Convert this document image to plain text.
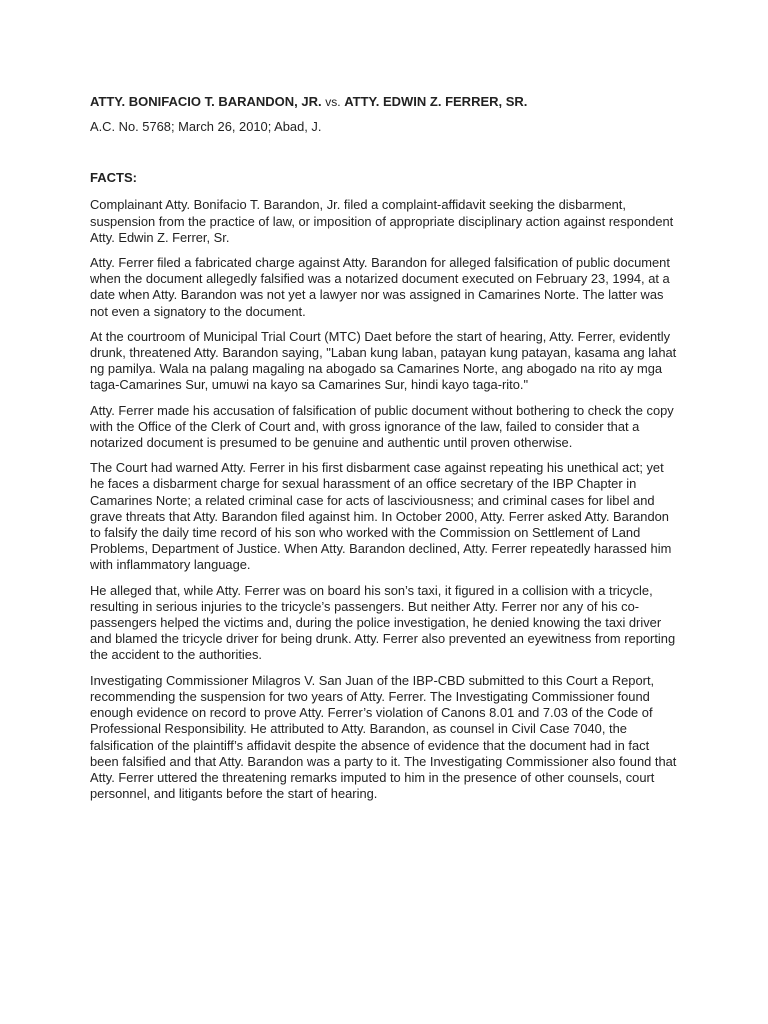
ATTY. BONIFACIO T. BARANDON, JR. vs. ATTY. EDWIN Z. FERRER, SR.

A.C. No. 5768; March 26, 2010; Abad, J.

FACTS:

Complainant Atty. Bonifacio T. Barandon, Jr. filed a complaint-affidavit seeking the disbarment, suspension from the practice of law, or imposition of appropriate disciplinary action against respondent Atty. Edwin Z. Ferrer, Sr.

Atty. Ferrer filed a fabricated charge against Atty. Barandon for alleged falsification of public document when the document allegedly falsified was a notarized document executed on February 23, 1994, at a date when Atty. Barandon was not yet a lawyer nor was assigned in Camarines Norte. The latter was not even a signatory to the document.

At the courtroom of Municipal Trial Court (MTC) Daet before the start of hearing, Atty. Ferrer, evidently drunk, threatened Atty. Barandon saying, "Laban kung laban, patayan kung patayan, kasama ang lahat ng pamilya. Wala na palang magaling na abogado sa Camarines Norte, ang abogado na rito ay mga taga-Camarines Sur, umuwi na kayo sa Camarines Sur, hindi kayo taga-rito."

Atty. Ferrer made his accusation of falsification of public document without bothering to check the copy with the Office of the Clerk of Court and, with gross ignorance of the law, failed to consider that a notarized document is presumed to be genuine and authentic until proven otherwise.

The Court had warned Atty. Ferrer in his first disbarment case against repeating his unethical act; yet he faces a disbarment charge for sexual harassment of an office secretary of the IBP Chapter in Camarines Norte; a related criminal case for acts of lasciviousness; and criminal cases for libel and grave threats that Atty. Barandon filed against him. In October 2000, Atty. Ferrer asked Atty. Barandon to falsify the daily time record of his son who worked with the Commission on Settlement of Land Problems, Department of Justice. When Atty. Barandon declined, Atty. Ferrer repeatedly harassed him with inflammatory language.

He alleged that, while Atty. Ferrer was on board his son’s taxi, it figured in a collision with a tricycle, resulting in serious injuries to the tricycle’s passengers. But neither Atty. Ferrer nor any of his co-passengers helped the victims and, during the police investigation, he denied knowing the taxi driver and blamed the tricycle driver for being drunk. Atty. Ferrer also prevented an eyewitness from reporting the accident to the authorities.

Investigating Commissioner Milagros V. San Juan of the IBP-CBD submitted to this Court a Report, recommending the suspension for two years of Atty. Ferrer. The Investigating Commissioner found enough evidence on record to prove Atty. Ferrer’s violation of Canons 8.01 and 7.03 of the Code of Professional Responsibility. He attributed to Atty. Barandon, as counsel in Civil Case 7040, the falsification of the plaintiff’s affidavit despite the absence of evidence that the document had in fact been falsified and that Atty. Barandon was a party to it. The Investigating Commissioner also found that Atty. Ferrer uttered the threatening remarks imputed to him in the presence of other counsels, court personnel, and litigants before the start of hearing.
